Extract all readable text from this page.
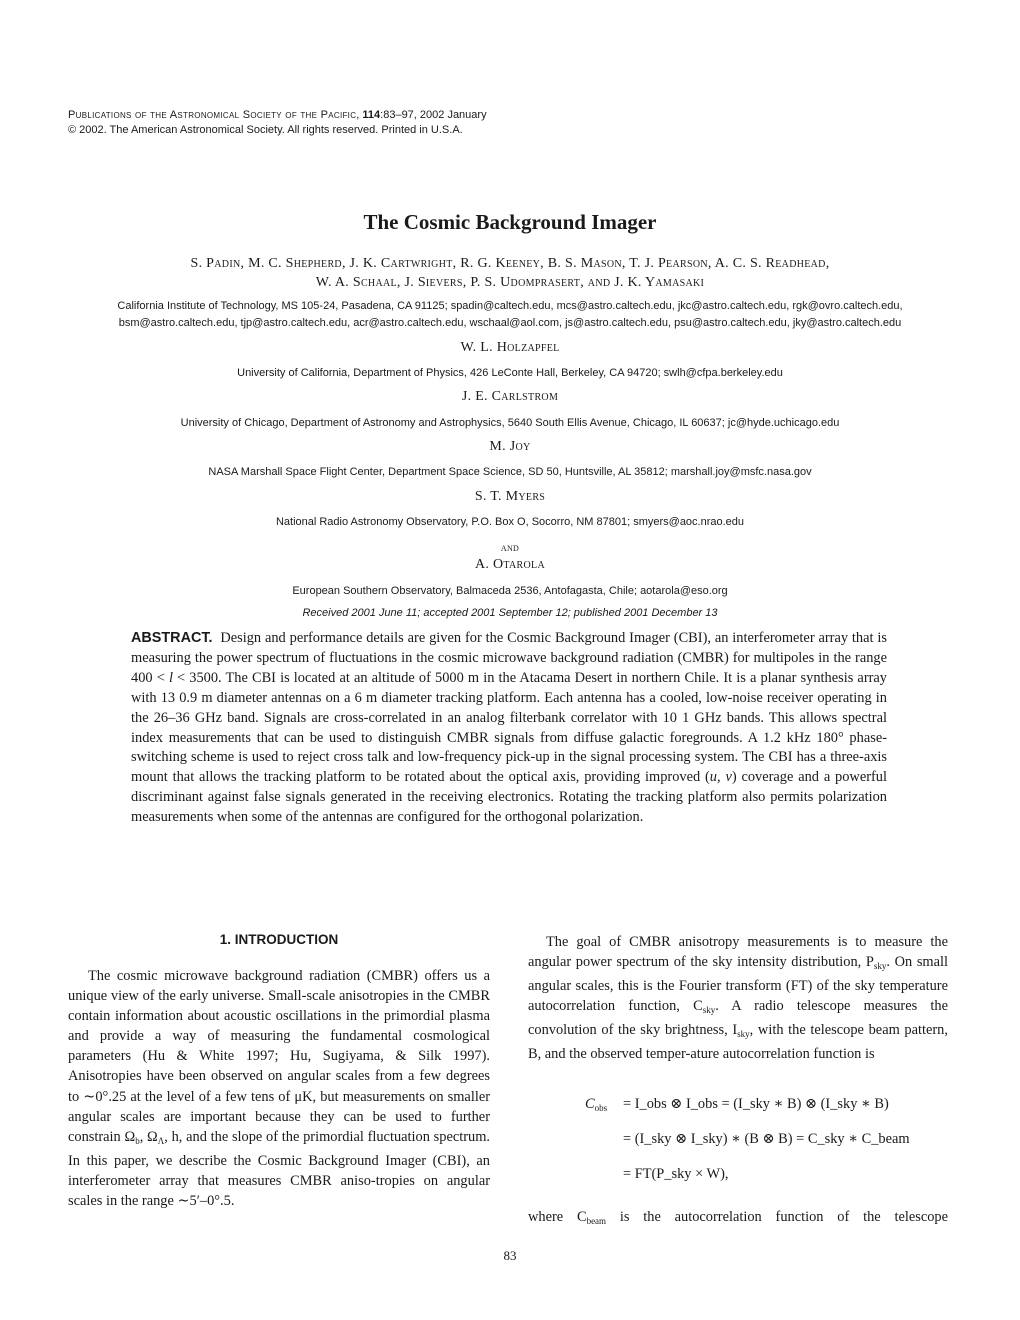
Publications of the Astronomical Society of the Pacific, 114:83–97, 2002 January
© 2002. The American Astronomical Society. All rights reserved. Printed in U.S.A.
The Cosmic Background Imager
S. Padin, M. C. Shepherd, J. K. Cartwright, R. G. Keeney, B. S. Mason, T. J. Pearson, A. C. S. Readhead,
W. A. Schaal, J. Sievers, P. S. Udomprasert, and J. K. Yamasaki
California Institute of Technology, MS 105-24, Pasadena, CA 91125; spadin@caltech.edu, mcs@astro.caltech.edu, jkc@astro.caltech.edu, rgk@ovro.caltech.edu,
bsm@astro.caltech.edu, tjp@astro.caltech.edu, acr@astro.caltech.edu, wschaal@aol.com, js@astro.caltech.edu, psu@astro.caltech.edu, jky@astro.caltech.edu
W. L. Holzapfel
University of California, Department of Physics, 426 LeConte Hall, Berkeley, CA 94720; swlh@cfpa.berkeley.edu
J. E. Carlstrom
University of Chicago, Department of Astronomy and Astrophysics, 5640 South Ellis Avenue, Chicago, IL 60637; jc@hyde.uchicago.edu
M. Joy
NASA Marshall Space Flight Center, Department Space Science, SD 50, Huntsville, AL 35812; marshall.joy@msfc.nasa.gov
S. T. Myers
National Radio Astronomy Observatory, P.O. Box O, Socorro, NM 87801; smyers@aoc.nrao.edu
and
A. Otarola
European Southern Observatory, Balmaceda 2536, Antofagasta, Chile; aotarola@eso.org
Received 2001 June 11; accepted 2001 September 12; published 2001 December 13
ABSTRACT. Design and performance details are given for the Cosmic Background Imager (CBI), an interferometer array that is measuring the power spectrum of fluctuations in the cosmic microwave background radiation (CMBR) for multipoles in the range 400 < l < 3500. The CBI is located at an altitude of 5000 m in the Atacama Desert in northern Chile. It is a planar synthesis array with 13 0.9 m diameter antennas on a 6 m diameter tracking platform. Each antenna has a cooled, low-noise receiver operating in the 26–36 GHz band. Signals are cross-correlated in an analog filterbank correlator with 10 1 GHz bands. This allows spectral index measurements that can be used to distinguish CMBR signals from diffuse galactic foregrounds. A 1.2 kHz 180° phase-switching scheme is used to reject cross talk and low-frequency pick-up in the signal processing system. The CBI has a three-axis mount that allows the tracking platform to be rotated about the optical axis, providing improved (u, v) coverage and a powerful discriminant against false signals generated in the receiving electronics. Rotating the tracking platform also permits polarization measurements when some of the antennas are configured for the orthogonal polarization.
1. INTRODUCTION
The cosmic microwave background radiation (CMBR) offers us a unique view of the early universe. Small-scale anisotropies in the CMBR contain information about acoustic oscillations in the primordial plasma and provide a way of measuring the fundamental cosmological parameters (Hu & White 1997; Hu, Sugiyama, & Silk 1997). Anisotropies have been observed on angular scales from a few degrees to ∼0°.25 at the level of a few tens of μK, but measurements on smaller angular scales are important because they can be used to further constrain $\Omega_b$, $\Omega_\Lambda$, h, and the slope of the primordial fluctuation spectrum. In this paper, we describe the Cosmic Background Imager (CBI), an interferometer array that measures CMBR aniso-tropies on angular scales in the range ∼5′–0°.5.
The goal of CMBR anisotropy measurements is to measure the angular power spectrum of the sky intensity distribution, $P_{sky}$. On small angular scales, this is the Fourier transform (FT) of the sky temperature autocorrelation function, $C_{sky}$. A radio telescope measures the convolution of the sky brightness, $I_{sky}$, with the telescope beam pattern, B, and the observed temper-ature autocorrelation function is
$C_{obs}$ = I_obs ⊗ I_obs = (I_sky ∗ B) ⊗ (I_sky ∗ B)
= (I_sky ⊗ I_sky) ∗ (B ⊗ B) = C_sky ∗ C_beam
= FT(P_sky × W),
where $C_{beam}$ is the autocorrelation function of the telescope
83
